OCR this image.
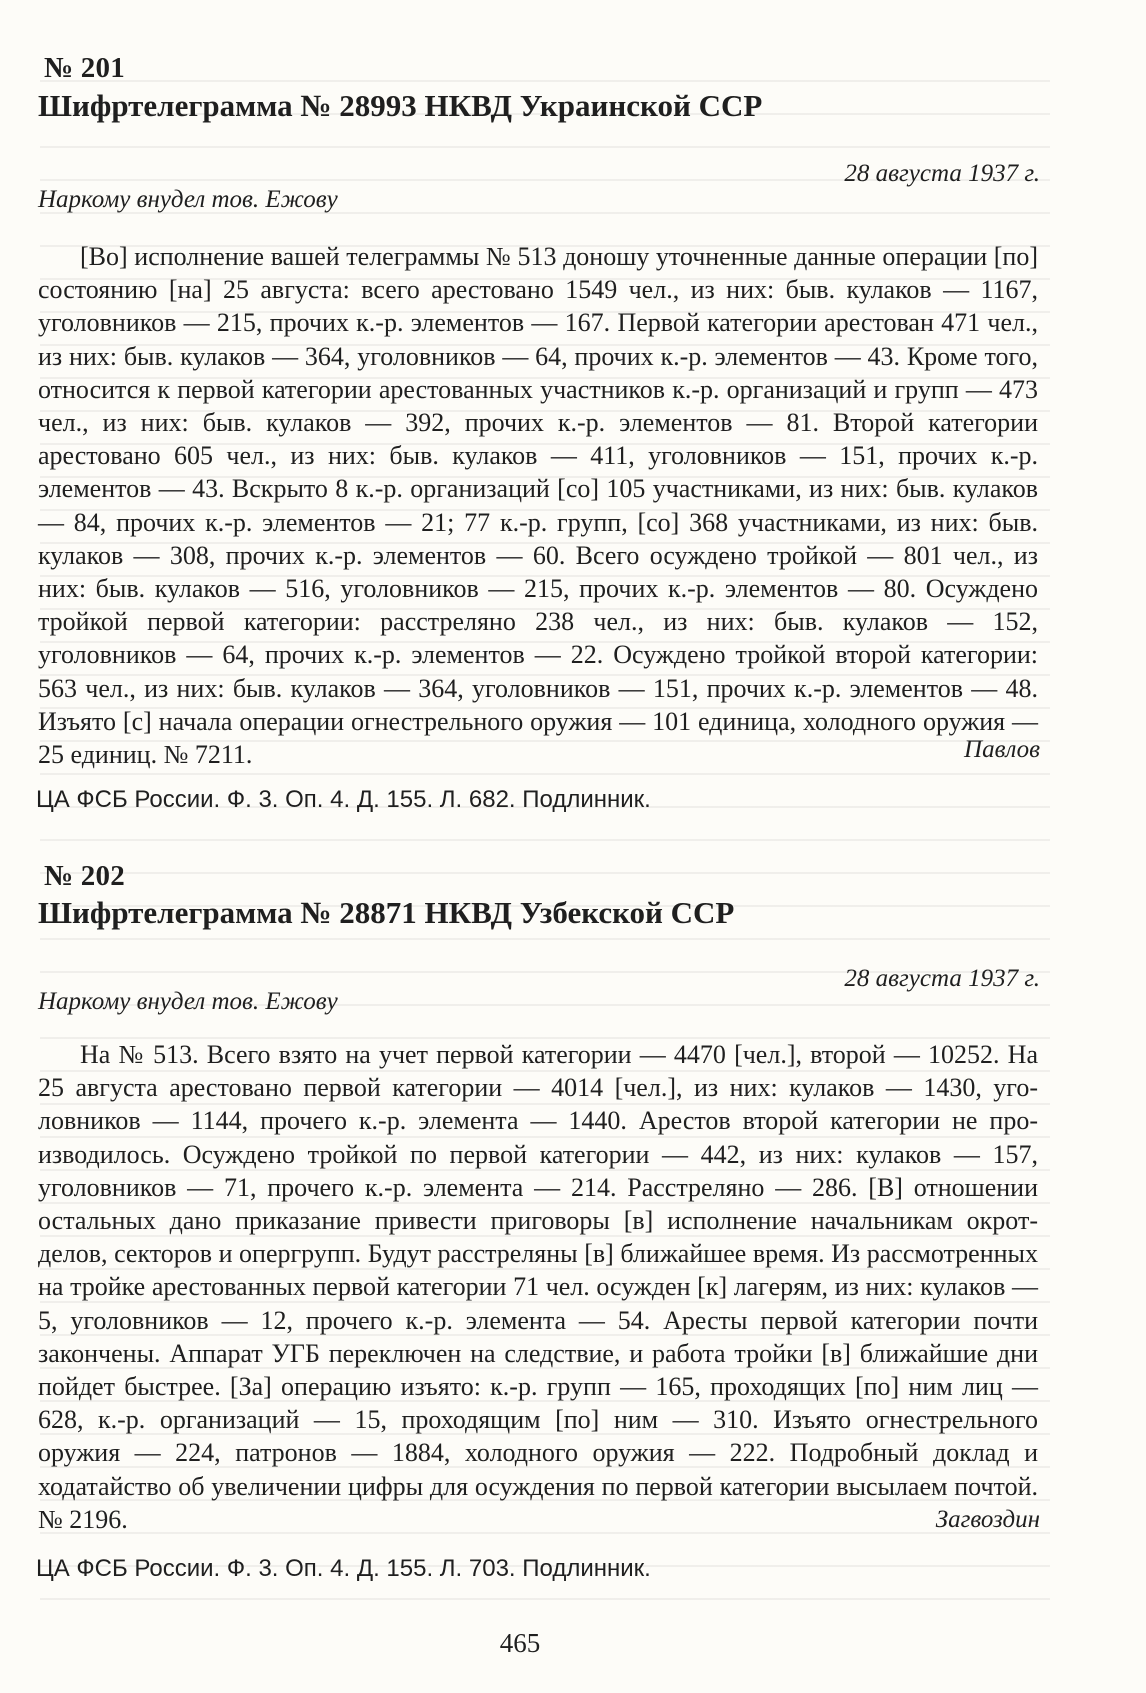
№ 201
Шифртелеграмма № 28993 НКВД Украинской ССР
28 августа 1937 г.
Наркому внудел тов. Ежову
[Во] исполнение вашей телеграммы № 513 доношу уточненные данные операции [по] состоянию [на] 25 августа: всего арестовано 1549 чел., из них: быв. кулаков — 1167, уголовников — 215, прочих к.-р. элементов — 167. Первой категории арестован 471 чел., из них: быв. кулаков — 364, уголовников — 64, прочих к.-р. элементов — 43. Кроме того, относится к первой категории арестованных участников к.-р. организаций и групп — 473 чел., из них: быв. кулаков — 392, прочих к.-р. элементов — 81. Второй категории арестовано 605 чел., из них: быв. кулаков — 411, уголовников — 151, прочих к.-р. элементов — 43. Вскрыто 8 к.-р. организаций [со] 105 участниками, из них: быв. кулаков — 84, прочих к.-р. элементов — 21; 77 к.-р. групп, [со] 368 участниками, из них: быв. кулаков — 308, прочих к.-р. элементов — 60. Всего осуждено тройкой — 801 чел., из них: быв. кулаков — 516, уголовников — 215, прочих к.-р. элементов — 80. Осуждено тройкой первой категории: расстреляно 238 чел., из них: быв. кулаков — 152, уголовников — 64, прочих к.-р. элементов — 22. Осуждено тройкой второй категории: 563 чел., из них: быв. кулаков — 364, уголовников — 151, прочих к.-р. элементов — 48. Изъято [с] начала операции огнестрельного оружия — 101 единица, холодного оружия — 25 единиц. № 7211.	Павлов
ЦА ФСБ России. Ф. 3. Оп. 4. Д. 155. Л. 682. Подлинник.
№ 202
Шифртелеграмма № 28871 НКВД Узбекской ССР
28 августа 1937 г.
Наркому внудел тов. Ежову
На № 513. Всего взято на учет первой категории — 4470 [чел.], второй — 10252. На 25 августа арестовано первой категории — 4014 [чел.], из них: кулаков — 1430, уголовников — 1144, прочего к.-р. элемента — 1440. Арестов второй категории не производилось. Осуждено тройкой по первой категории — 442, из них: кулаков — 157, уголовников — 71, прочего к.-р. элемента — 214. Расстреляно — 286. [В] отношении остальных дано приказание привести приговоры [в] исполнение начальникам окротделов, секторов и опергрупп. Будут расстреляны [в] ближайшее время. Из рассмотренных на тройке арестованных первой категории 71 чел. осужден [к] лагерям, из них: кулаков — 5, уголовников — 12, прочего к.-р. элемента — 54. Аресты первой категории почти закончены. Аппарат УГБ переключен на следствие, и работа тройки [в] ближайшие дни пойдет быстрее. [За] операцию изъято: к.-р. групп — 165, проходящих [по] ним лиц — 628, к.-р. организаций — 15, проходящим [по] ним — 310. Изъято огнестрельного оружия — 224, патронов — 1884, холодного оружия — 222. Подробный доклад и ходатайство об увеличении цифры для осуждения по первой категории высылаем почтой. № 2196.	Загвоздин
ЦА ФСБ России. Ф. 3. Оп. 4. Д. 155. Л. 703. Подлинник.
465
